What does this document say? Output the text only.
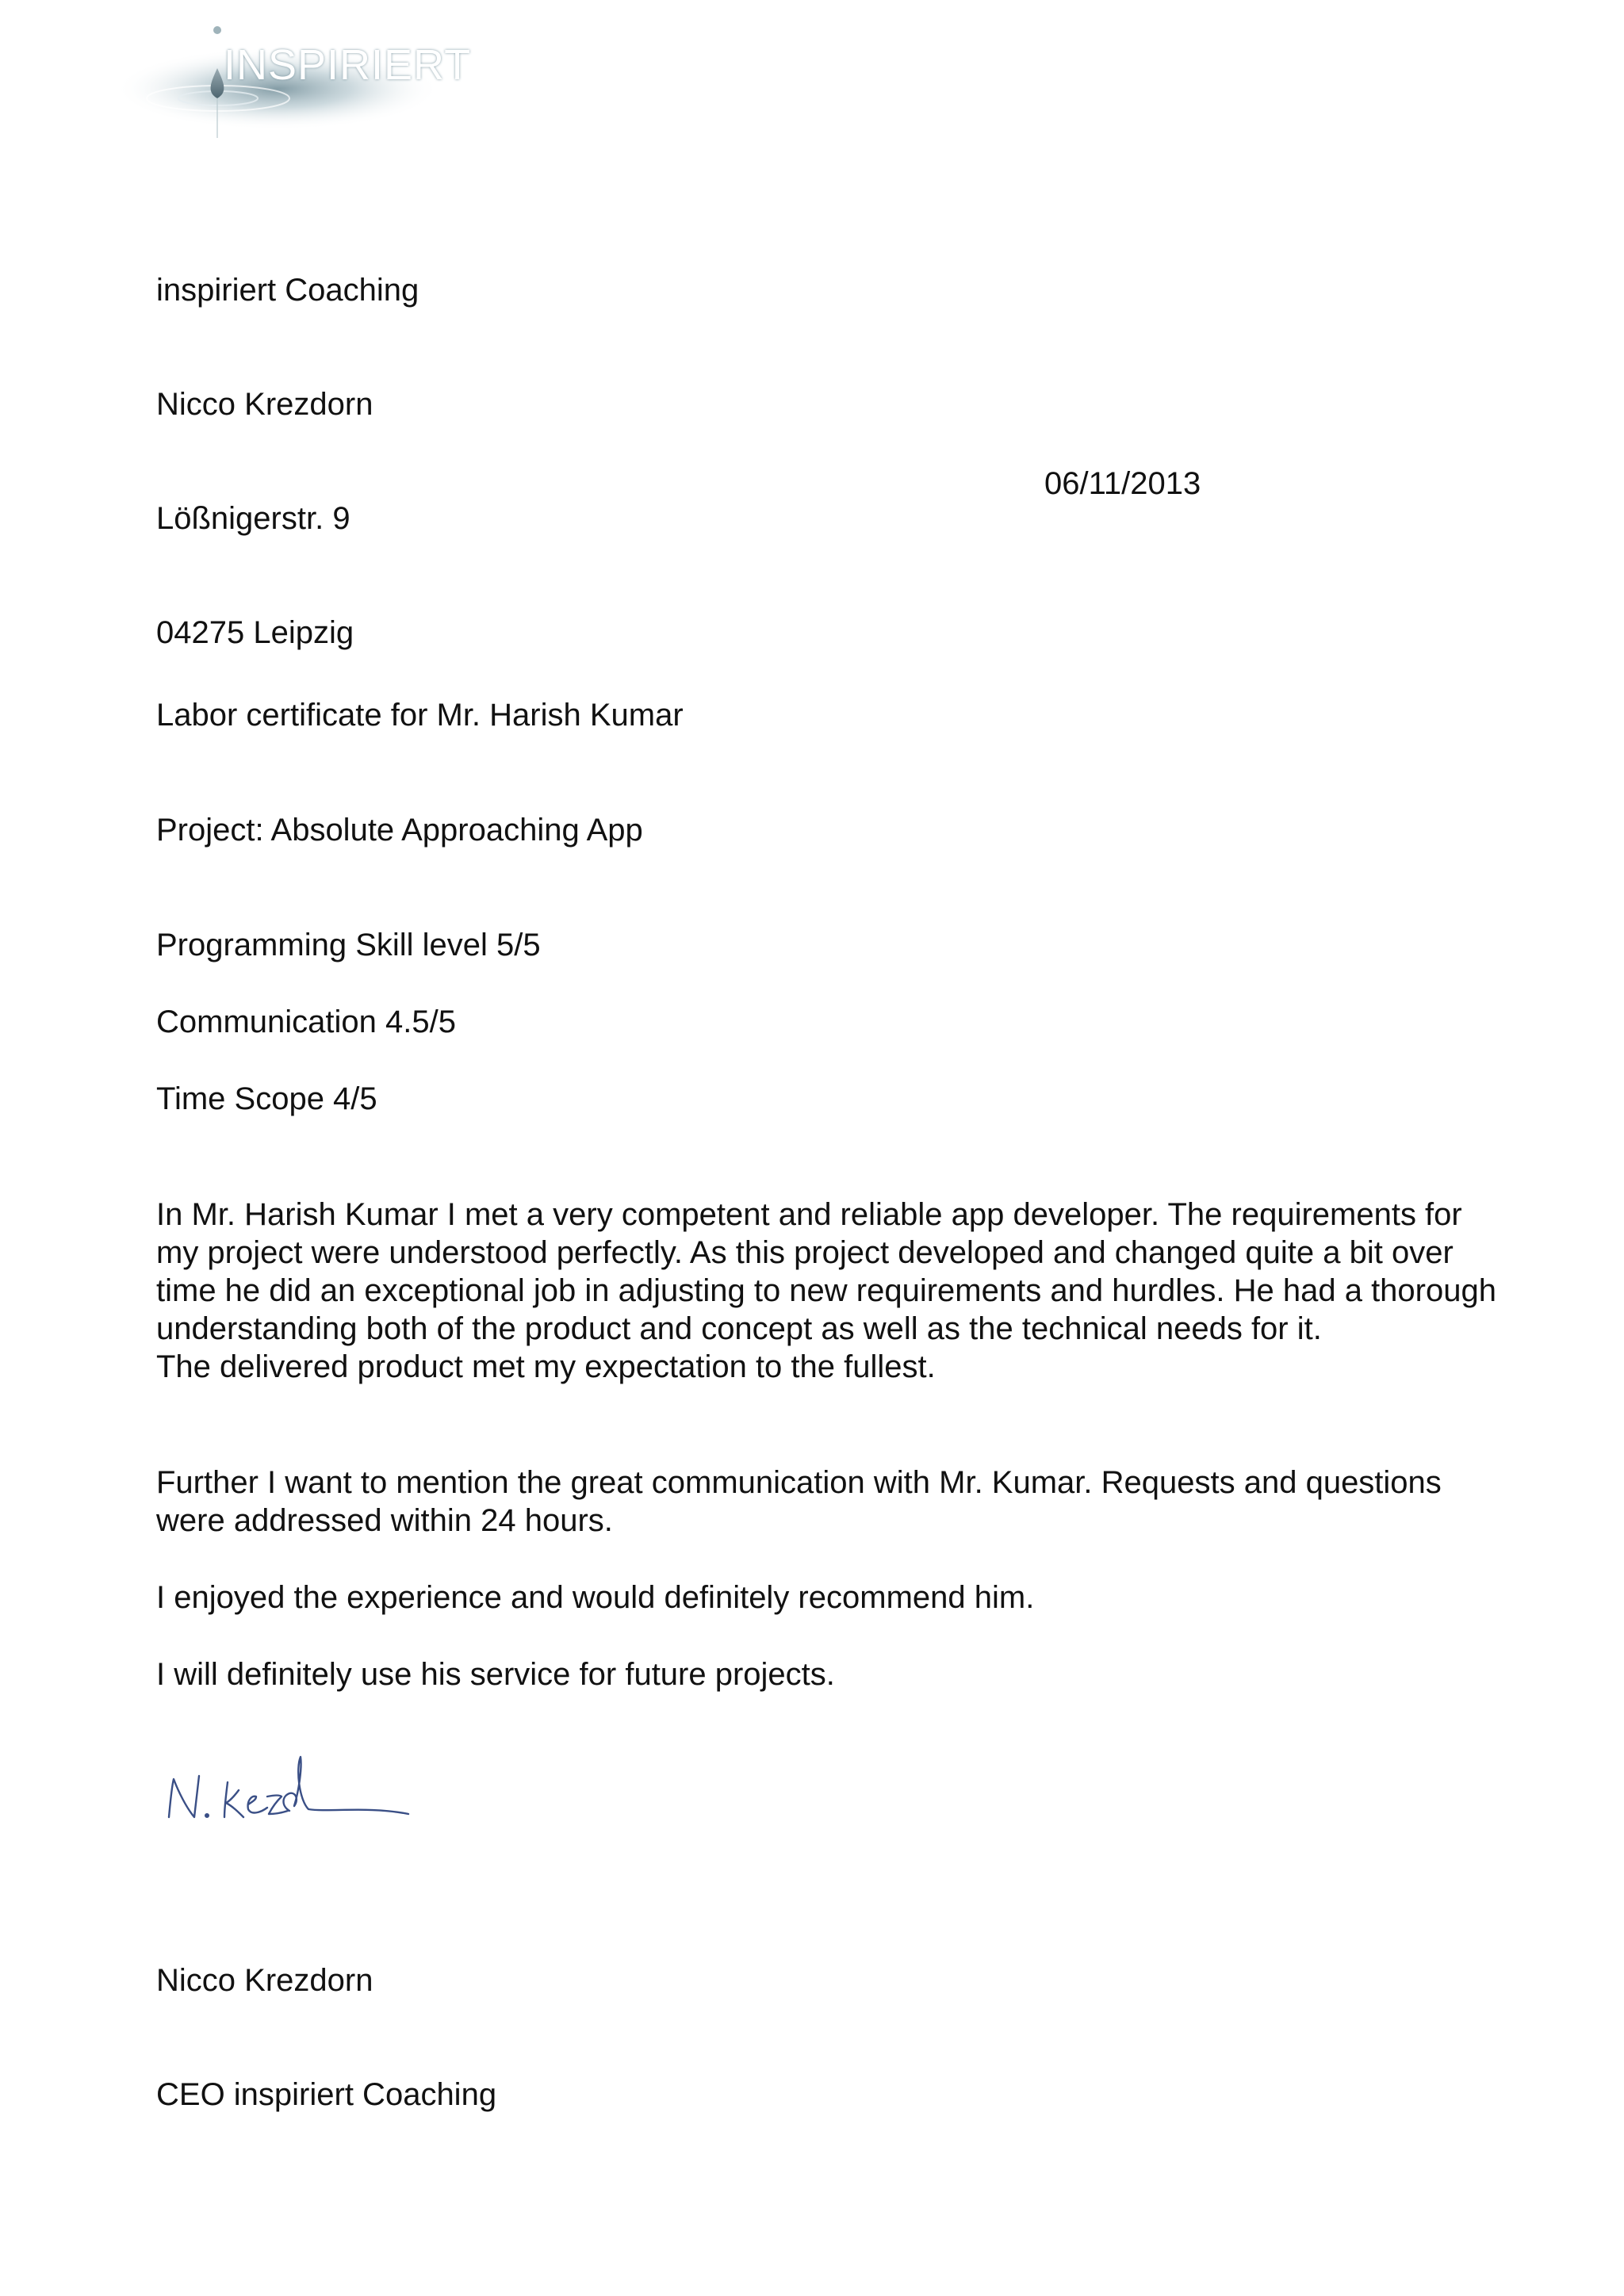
INSPIRIERT

inspiriert Coaching

Nicco Krezdorn

Lößnigerstr. 9

04275 Leipzig

06/11/2013
Labor certificate for Mr. Harish Kumar
Project: Absolute Approaching App
Programming Skill level 5/5
Communication 4.5/5
Time Scope 4/5

In Mr. Harish Kumar I met a very competent and reliable app developer. The requirements for my project were understood perfectly. As this project developed and changed quite a bit over time he did an exceptional job in adjusting to new requirements and hurdles. He had a thorough understanding both of the product and concept as well as the technical needs for it.

The delivered product met my expectation to the fullest.

Further I want to mention the great communication with Mr. Kumar. Requests and questions were addressed within 24 hours.
I enjoyed the experience and would definitely recommend him.
I will definitely use his service for future projects.

Nicco Krezdorn

CEO inspiriert Coaching
